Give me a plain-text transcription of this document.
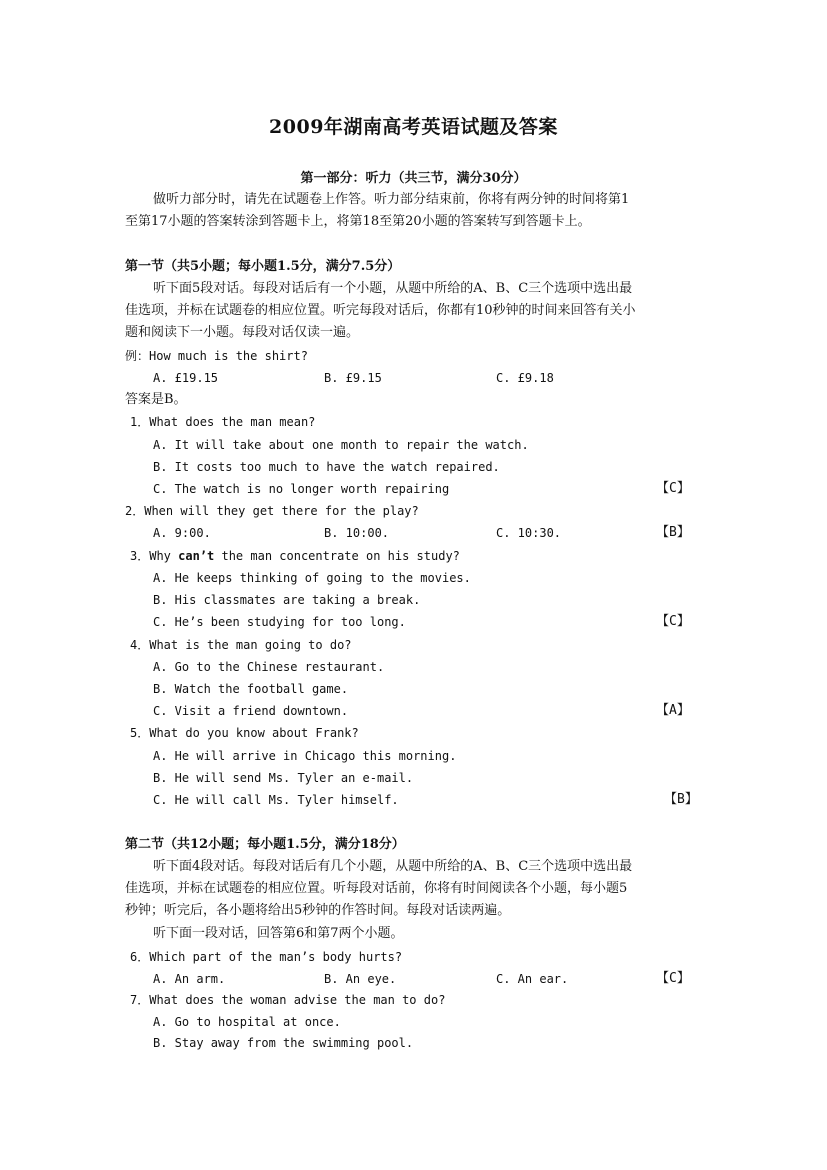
2009年湖南高考英语试题及答案
第一部分：听力（共三节，满分30分）
做听力部分时，请先在试题卷上作答。听力部分结束前，你将有两分钟的时间将第1
至第17小题的答案转涂到答题卡上，将第18至第20小题的答案转写到答题卡上。
第一节（共5小题；每小题1.5分，满分7.5分）
听下面5段对话。每段对话后有一个小题，从题中所给的A、B、C三个选项中选出最
佳选项，并标在试题卷的相应位置。听完每段对话后，你都有10秒钟的时间来回答有关小
题和阅读下一小题。每段对话仅读一遍。
例：How much is the shirt?
A. £19.15	B. £9.15	C. £9.18
答案是B。
1．What does the man mean?
A. It will take about one month to repair the watch.
B. It costs too much to have the watch repaired.
C. The watch is no longer worth repairing	【C】
2．When will they get there for the play?
A. 9:00.	B. 10:00.	C. 10:30.	【B】
3．Why can’t the man concentrate on his study?
A. He keeps thinking of going to the movies.
B. His classmates are taking a break.
C. He’s been studying for too long.	【C】
4．What is the man going to do?
A. Go to the Chinese restaurant.
B. Watch the football game.
C. Visit a friend downtown.	【A】
5．What do you know about Frank?
A. He will arrive in Chicago this morning.
B. He will send Ms. Tyler an e-mail.
C. He will call Ms. Tyler himself.	【B】
第二节（共12小题；每小题1.5分，满分18分）
听下面4段对话。每段对话后有几个小题，从题中所给的A、B、C三个选项中选出最
佳选项，并标在试题卷的相应位置。听每段对话前，你将有时间阅读各个小题，每小题5
秒钟；听完后，各小题将给出5秒钟的作答时间。每段对话读两遍。
听下面一段对话，回答第6和第7两个小题。
6．Which part of the man’s body hurts?
A. An arm.	B. An eye.	C. An ear.	【C】
7．What does the woman advise the man to do?
A. Go to hospital at once.
B. Stay away from the swimming pool.
